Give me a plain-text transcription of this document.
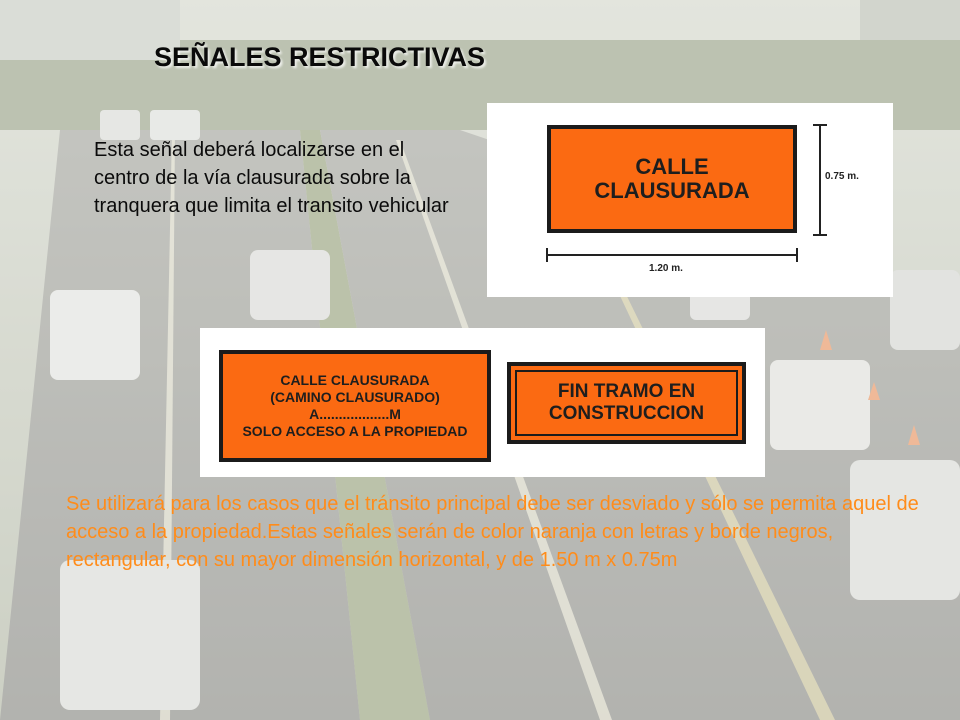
SEÑALES RESTRICTIVAS

Esta señal deberá localizarse en el centro de la vía clausurada sobre la tranquera que limita el transito vehicular

CALLE
CLAUSURADA
0.75 m.
1.20 m.
CALLE CLAUSURADA
(CAMINO CLAUSURADO)
A..................M
SOLO ACCESO A LA PROPIEDAD
FIN TRAMO EN
CONSTRUCCION

Se utilizará para los casos que el tránsito principal debe ser desviado y sólo se permita aquel de acceso a la propiedad.Estas señales serán de color naranja con letras y borde negros, rectangular, con su mayor dimensión horizontal, y de 1.50 m x 0.75m
